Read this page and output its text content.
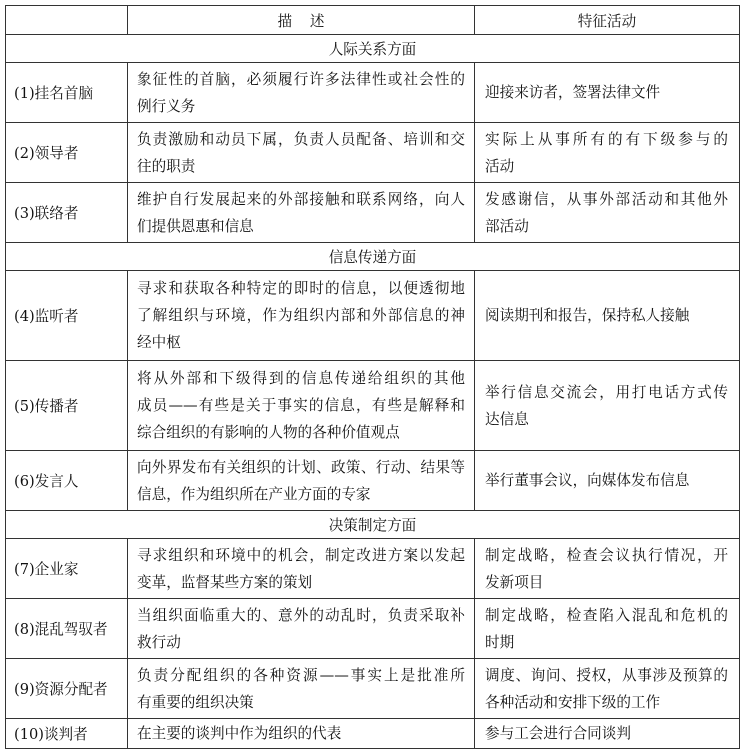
	描 述	特征活动
人际关系方面		
(1)挂名首脑	象征性的首脑，必须履行许多法律性或社会性的
例行义务	迎接来访者，签署法律文件

(2)领导者	负责激励和动员下属，负责人员配备、培训和交
往的职责	实际上从事所有的有下级参与的
活动

(3)联络者	维护自行发展起来的外部接触和联系网络，向人
们提供恩惠和信息	发感谢信，从事外部活动和其他外
部活动

信息传递方面		
(4)监听者	寻求和获取各种特定的即时的信息，以便透彻地
了解组织与环境，作为组织内部和外部信息的神
经中枢	阅读期刊和报告，保持私人接触

(5)传播者	将从外部和下级得到的信息传递给组织的其他
成员——有些是关于事实的信息，有些是解释和
综合组织的有影响的人物的各种价值观点	举行信息交流会，用打电话方式传
达信息

(6)发言人	向外界发布有关组织的计划、政策、行动、结果等
信息，作为组织所在产业方面的专家	举行董事会议，向媒体发布信息

决策制定方面		
(7)企业家	寻求组织和环境中的机会，制定改进方案以发起
变革，监督某些方案的策划	制定战略，检查会议执行情况，开
发新项目

(8)混乱驾驭者	当组织面临重大的、意外的动乱时，负责采取补
救行动	制定战略，检查陷入混乱和危机的
时期

(9)资源分配者	负责分配组织的各种资源——事实上是批准所
有重要的组织决策	调度、询问、授权，从事涉及预算的
各种活动和安排下级的工作

(10)谈判者	在主要的谈判中作为组织的代表	参与工会进行合同谈判
